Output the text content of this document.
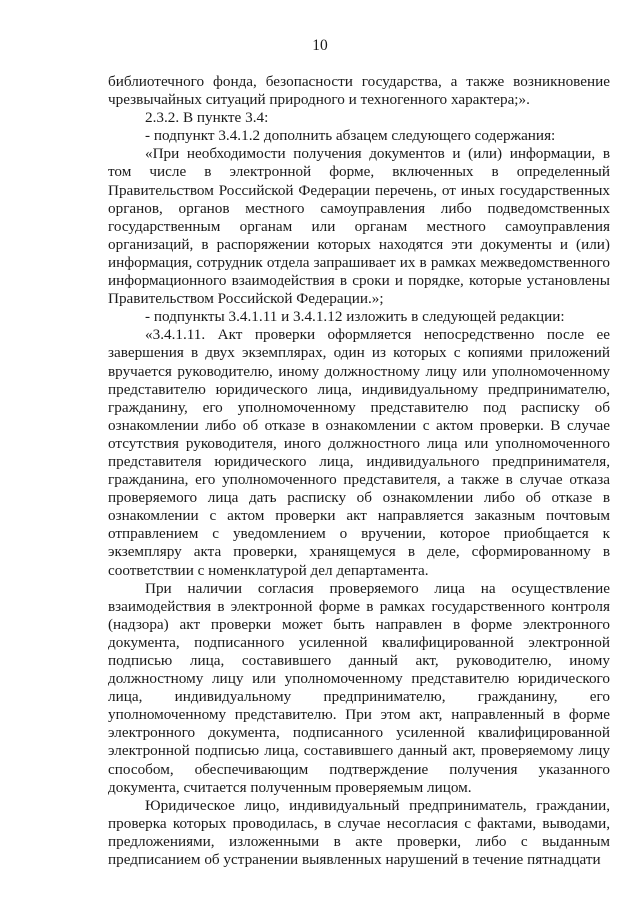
10

библиотечного фонда, безопасности государства, а также возникновение чрезвычайных ситуаций природного и техногенного характера;».

2.3.2. В пункте 3.4:

- подпункт 3.4.1.2 дополнить абзацем следующего содержания:

«При необходимости получения документов и (или) информации, в том числе в электронной форме, включенных в определенный Правительством Российской Федерации перечень, от иных государственных органов, органов местного самоуправления либо подведомственных государственным органам или органам местного самоуправления организаций, в распоряжении которых находятся эти документы и (или) информация, сотрудник отдела запрашивает их в рамках межведомственного информационного взаимодействия в сроки и порядке, которые установлены Правительством Российской Федерации.»;

- подпункты 3.4.1.11 и 3.4.1.12 изложить в следующей редакции:

«3.4.1.11. Акт проверки оформляется непосредственно после ее завершения в двух экземплярах, один из которых с копиями приложений вручается руководителю, иному должностному лицу или уполномоченному представителю юридического лица, индивидуальному предпринимателю, гражданину, его уполномоченному представителю под расписку об ознакомлении либо об отказе в ознакомлении с актом проверки. В случае отсутствия руководителя, иного должностного лица или уполномоченного представителя юридического лица, индивидуального предпринимателя, гражданина, его уполномоченного представителя, а также в случае отказа проверяемого лица дать расписку об ознакомлении либо об отказе в ознакомлении с актом проверки акт направляется заказным почтовым отправлением с уведомлением о вручении, которое приобщается к экземпляру акта проверки, хранящемуся в деле, сформированному в соответствии с номенклатурой дел департамента.

При наличии согласия проверяемого лица на осуществление взаимодействия в электронной форме в рамках государственного контроля (надзора) акт проверки может быть направлен в форме электронного документа, подписанного усиленной квалифицированной электронной подписью лица, составившего данный акт, руководителю, иному должностному лицу или уполномоченному представителю юридического лица, индивидуальному предпринимателю, гражданину, его уполномоченному представителю. При этом акт, направленный в форме электронного документа, подписанного усиленной квалифицированной электронной подписью лица, составившего данный акт, проверяемому лицу способом, обеспечивающим подтверждение получения указанного документа, считается полученным проверяемым лицом.

Юридическое лицо, индивидуальный предприниматель, граждании, проверка которых проводилась, в случае несогласия с фактами, выводами, предложениями, изложенными в акте проверки, либо с выданным предписанием об устранении выявленных нарушений в течение пятнадцати
